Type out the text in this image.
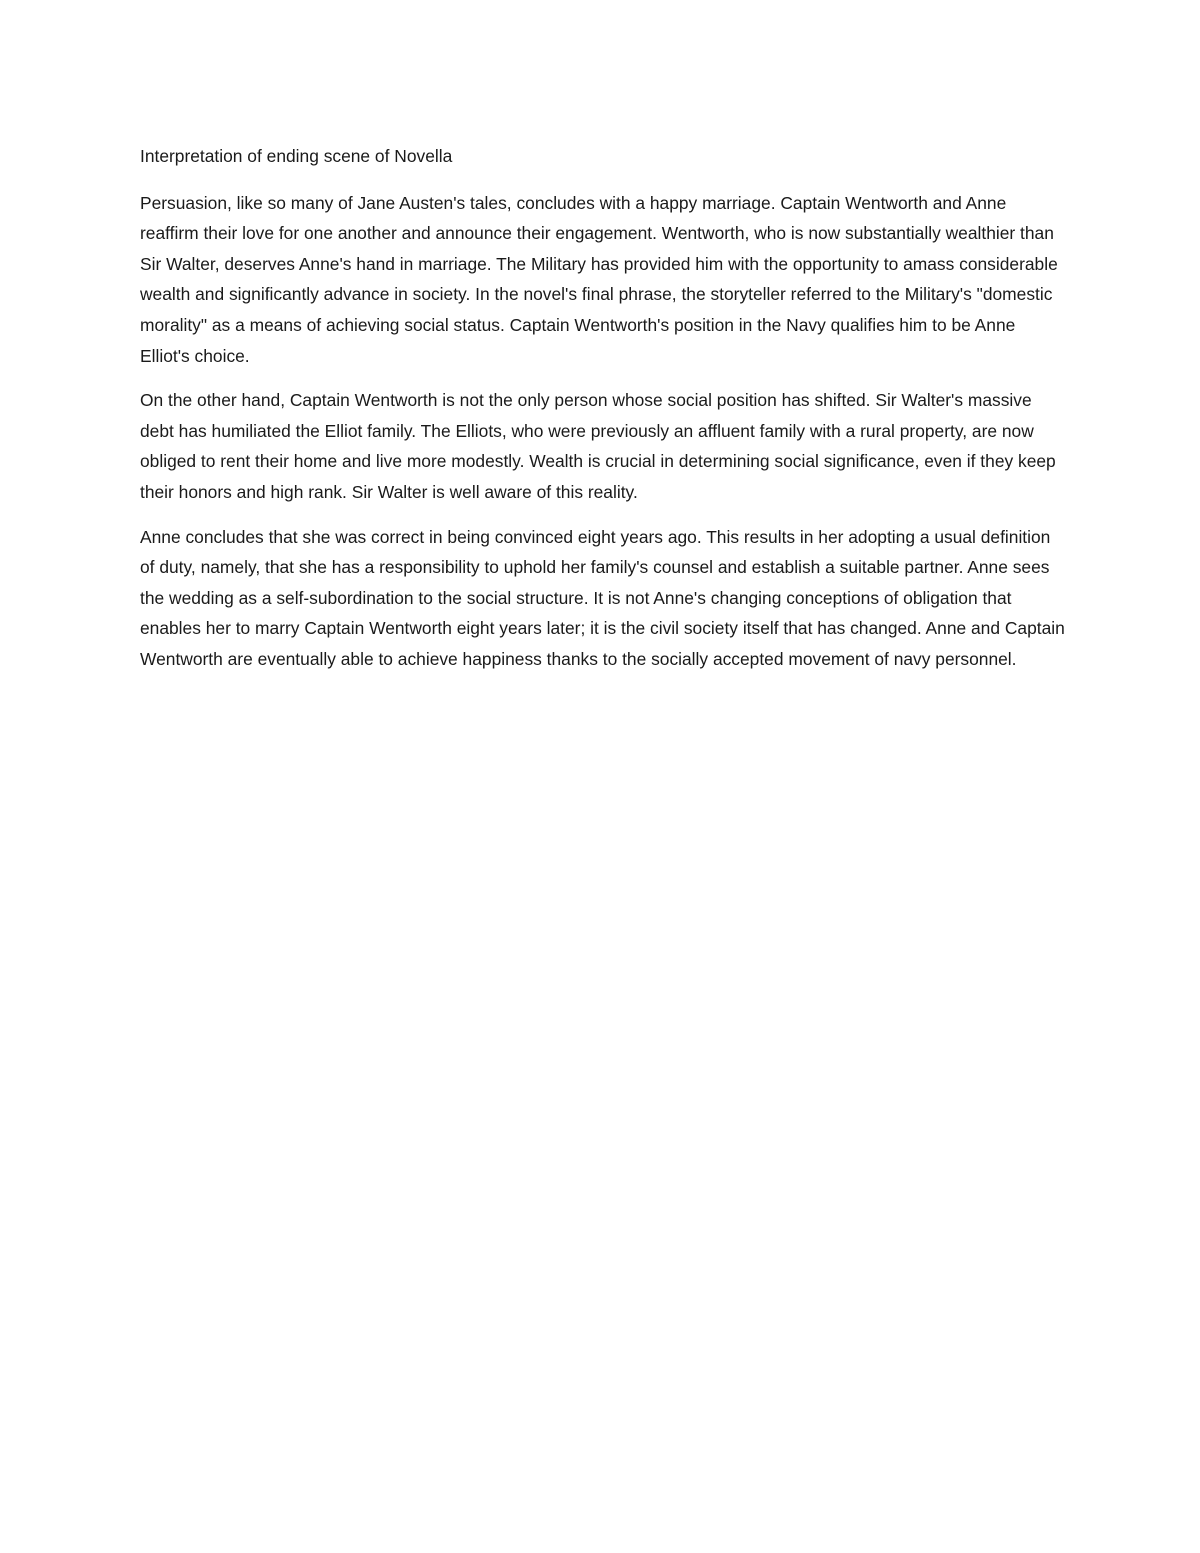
Interpretation of ending scene of Novella

Persuasion, like so many of Jane Austen's tales, concludes with a happy marriage. Captain Wentworth and Anne reaffirm their love for one another and announce their engagement. Wentworth, who is now substantially wealthier than Sir Walter, deserves Anne's hand in marriage. The Military has provided him with the opportunity to amass considerable wealth and significantly advance in society. In the novel's final phrase, the storyteller referred to the Military's "domestic morality" as a means of achieving social status. Captain Wentworth's position in the Navy qualifies him to be Anne Elliot's choice.

On the other hand, Captain Wentworth is not the only person whose social position has shifted. Sir Walter's massive debt has humiliated the Elliot family. The Elliots, who were previously an affluent family with a rural property, are now obliged to rent their home and live more modestly. Wealth is crucial in determining social significance, even if they keep their honors and high rank. Sir Walter is well aware of this reality.

Anne concludes that she was correct in being convinced eight years ago. This results in her adopting a usual definition of duty, namely, that she has a responsibility to uphold her family's counsel and establish a suitable partner. Anne sees the wedding as a self-subordination to the social structure. It is not Anne's changing conceptions of obligation that enables her to marry Captain Wentworth eight years later; it is the civil society itself that has changed. Anne and Captain Wentworth are eventually able to achieve happiness thanks to the socially accepted movement of navy personnel.
